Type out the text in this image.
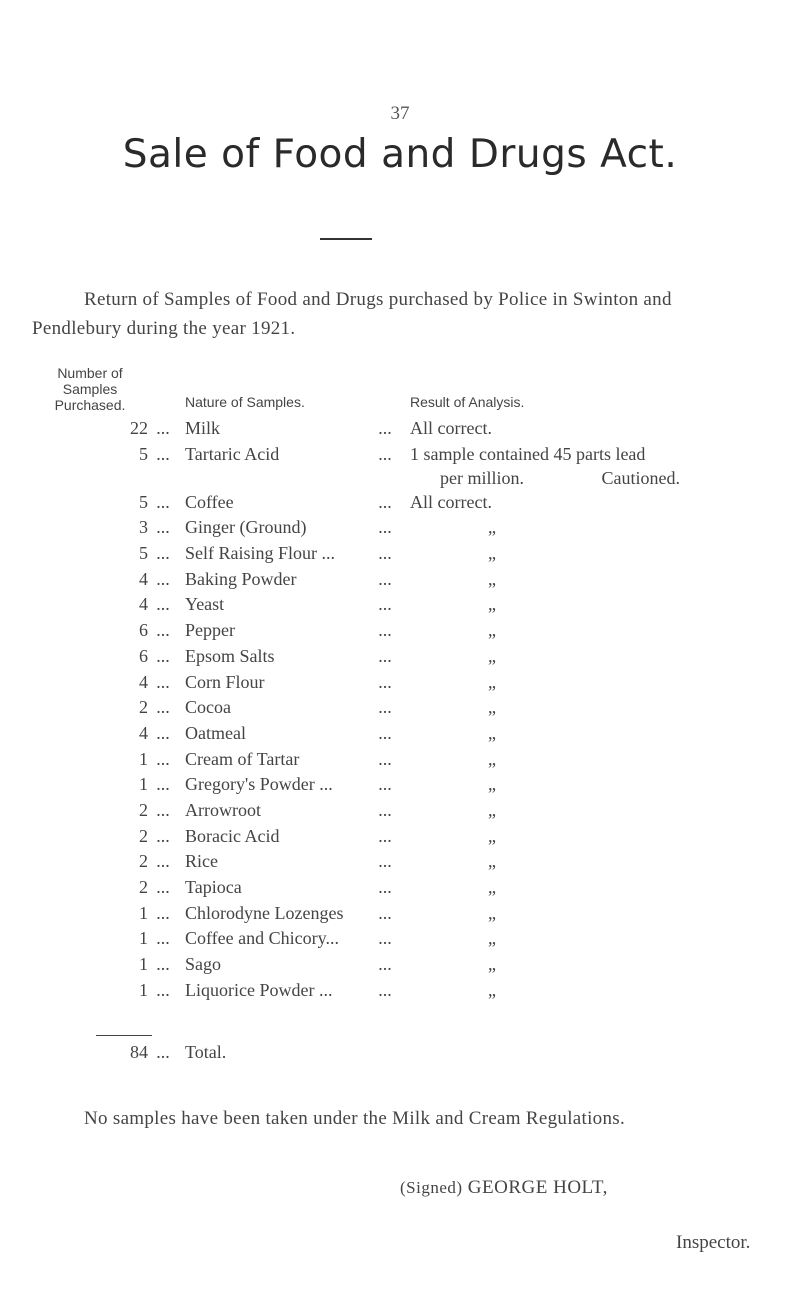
37
Sale of Food and Drugs Act.

Return of Samples of Food and Drugs purchased by Police in Swinton and Pendlebury during the year 1921.

Number of Samples Purchased.	Nature of Samples.	Result of Analysis.
22 ... Milk	...	All correct.
5 ... Tartaric Acid	...	1 sample contained 45 parts lead
per million.	Cautioned.
5 ... Coffee	...	All correct.
3 ... Ginger (Ground)	...	„
5 ... Self Raising Flour ...	...	„
4 ... Baking Powder	...	„
4 ... Yeast	...	„
6 ... Pepper	...	„
6 ... Epsom Salts	...	„
4 ... Corn Flour	...	„
2 ... Cocoa	...	„
4 ... Oatmeal	...	„
1 ... Cream of Tartar	...	„
1 ... Gregory's Powder ...	...	„
2 ... Arrowroot	...	„
2 ... Boracic Acid	...	„
2 ... Rice	...	„
2 ... Tapioca	...	„
1 ... Chlorodyne Lozenges	...	„
1 ... Coffee and Chicory...	...	„
1 ... Sago	...	„
1 ... Liquorice Powder ...	...	„
84 ... Total.

No samples have been taken under the Milk and Cream Regulations.

(Signed) GEORGE HOLT,
Inspector.
